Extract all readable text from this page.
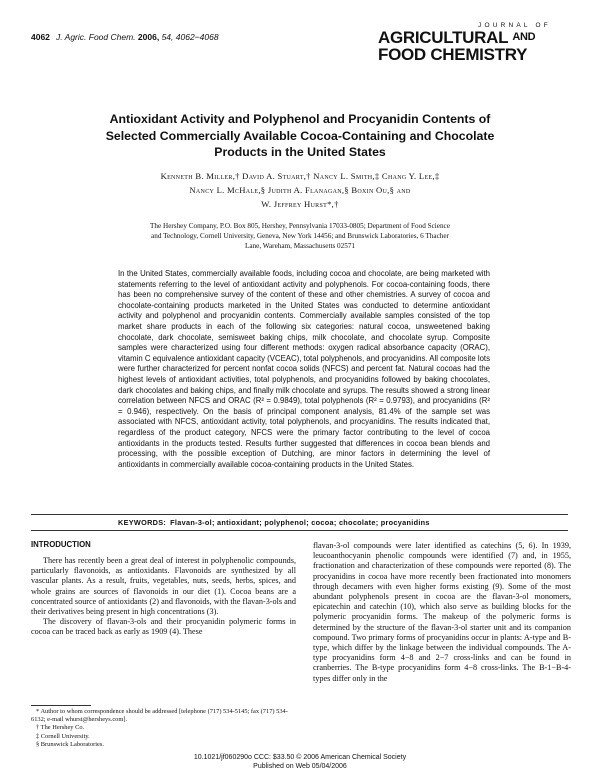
4062 J. Agric. Food Chem. 2006, 54, 4062−4068
JOURNAL OF
AGRICULTURAL $^{AND}$
FOOD CHEMISTRY
Antioxidant Activity and Polyphenol and Procyanidin Contents of Selected Commercially Available Cocoa-Containing and Chocolate Products in the United States
Kenneth B. Miller,† David A. Stuart,† Nancy L. Smith,‡ Chang Y. Lee,‡
Nancy L. McHale,§ Judith A. Flanagan,§ Boxin Ou,§ and
W. Jeffrey Hurst*,†
The Hershey Company, P.O. Box 805, Hershey, Pennsylvania 17033-0805; Department of Food Science and Technology, Cornell University, Geneva, New York 14456; and Brunswick Laboratories, 6 Thacher Lane, Wareham, Massachusetts 02571
In the United States, commercially available foods, including cocoa and chocolate, are being marketed with statements referring to the level of antioxidant activity and polyphenols. For cocoa-containing foods, there has been no comprehensive survey of the content of these and other chemistries. A survey of cocoa and chocolate-containing products marketed in the United States was conducted to determine antioxidant activity and polyphenol and procyanidin contents. Commercially available samples consisted of the top market share products in each of the following six categories: natural cocoa, unsweetened baking chocolate, dark chocolate, semisweet baking chips, milk chocolate, and chocolate syrup. Composite samples were characterized using four different methods: oxygen radical absorbance capacity (ORAC), vitamin C equivalence antioxidant capacity (VCEAC), total polyphenols, and procyanidins. All composite lots were further characterized for percent nonfat cocoa solids (NFCS) and percent fat. Natural cocoas had the highest levels of antioxidant activities, total polyphenols, and procyanidins followed by baking chocolates, dark chocolates and baking chips, and finally milk chocolate and syrups. The results showed a strong linear correlation between NFCS and ORAC (R² = 0.9849), total polyphenols (R² = 0.9793), and procyanidins (R² = 0.946), respectively. On the basis of principal component analysis, 81.4% of the sample set was associated with NFCS, antioxidant activity, total polyphenols, and procyanidins. The results indicated that, regardless of the product category, NFCS were the primary factor contributing to the level of cocoa antioxidants in the products tested. Results further suggested that differences in cocoa bean blends and processing, with the possible exception of Dutching, are minor factors in determining the level of antioxidants in commercially available cocoa-containing products in the United States.
KEYWORDS: Flavan-3-ol; antioxidant; polyphenol; cocoa; chocolate; procyanidins
INTRODUCTION

There has recently been a great deal of interest in polyphenolic compounds, particularly flavonoids, as antioxidants. Flavonoids are synthesized by all vascular plants. As a result, fruits, vegetables, nuts, seeds, herbs, spices, and whole grains are sources of flavonoids in our diet (1). Cocoa beans are a concentrated source of antioxidants (2) and flavonoids, with the flavan-3-ols and their derivatives being present in high concentrations (3).

The discovery of flavan-3-ols and their procyanidin polymeric forms in cocoa can be traced back as early as 1909 (4). These

flavan-3-ol compounds were later identified as catechins (5, 6). In 1939, leucoanthocyanin phenolic compounds were identified (7) and, in 1955, fractionation and characterization of these compounds were reported (8). The procyanidins in cocoa have more recently been fractionated into monomers through decamers with even higher forms existing (9). Some of the most abundant polyphenols present in cocoa are the flavan-3-ol monomers, epicatechin and catechin (10), which also serve as building blocks for the polymeric procyanidin forms. The makeup of the polymeric forms is determined by the structure of the flavan-3-ol starter unit and its companion compound. Two primary forms of procyanidins occur in plants: A-type and B-type, which differ by the linkage between the individual compounds. The A-type procyanidins form 4−8 and 2−7 cross-links and can be found in cranberries. The B-type procyanidins form 4−8 cross-links. The B-1−B-4-types differ only in the

* Author to whom correspondence should be addressed [telephone (717) 534-5145; fax (717) 534-6132; e-mail whurst@hersheys.com].
† The Hershey Co.
‡ Cornell University.
§ Brunswick Laboratories.
10.1021/jf060290o CCC: $33.50 © 2006 American Chemical Society
Published on Web 05/04/2006
